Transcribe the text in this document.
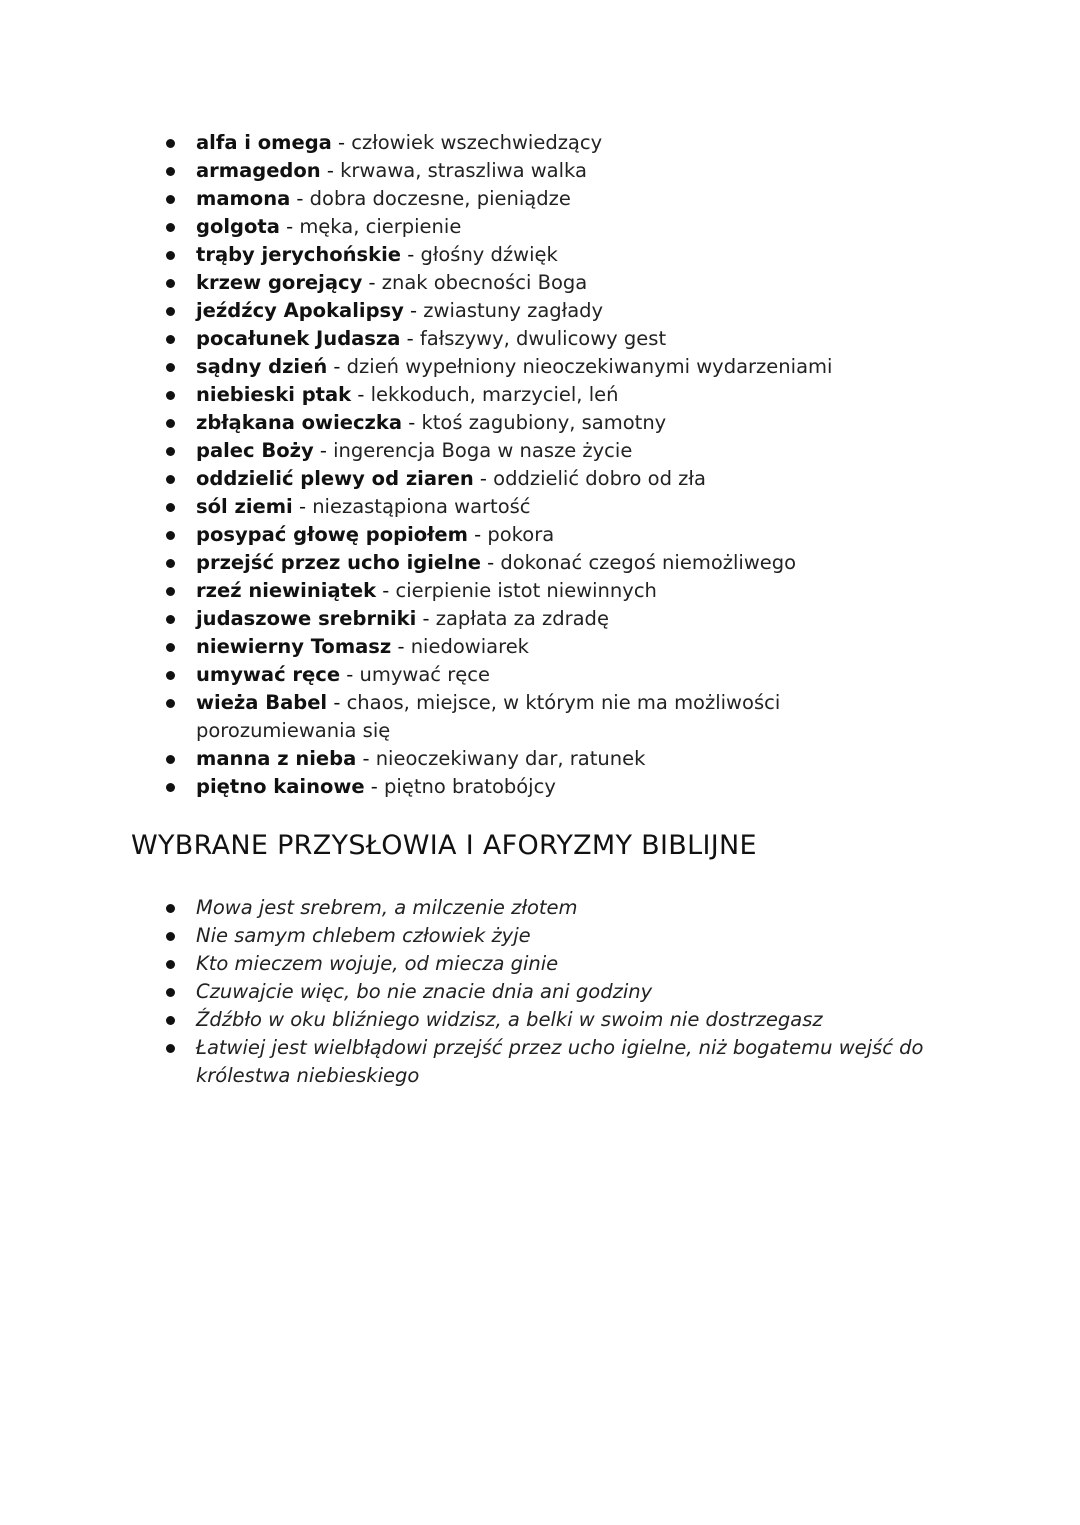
alfa i omega - człowiek wszechwiedzący
armagedon - krwawa, straszliwa walka
mamona - dobra doczesne, pieniądze
golgota - męka, cierpienie
trąby jerychońskie - głośny dźwięk
krzew gorejący - znak obecności Boga
jeźdźcy Apokalipsy - zwiastuny zagłady
pocałunek Judasza - fałszywy, dwulicowy gest
sądny dzień - dzień wypełniony nieoczekiwanymi wydarzeniami
niebieski ptak - lekkoduch, marzyciel, leń
zbłąkana owieczka - ktoś zagubiony, samotny
palec Boży - ingerencja Boga w nasze życie
oddzielić plewy od ziaren - oddzielić dobro od zła
sól ziemi - niezastąpiona wartość
posypać głowę popiołem - pokora
przejść przez ucho igielne - dokonać czegoś niemożliwego
rzeź niewiniątek - cierpienie istot niewinnych
judaszowe srebrniki - zapłata za zdradę
niewierny Tomasz - niedowiarek
umywać ręce - umywać ręce
wieża Babel - chaos, miejsce, w którym nie ma możliwości porozumiewania się
manna z nieba - nieoczekiwany dar, ratunek
piętno kainowe - piętno bratobójcy
WYBRANE PRZYSŁOWIA I AFORYZMY BIBLIJNE
Mowa jest srebrem, a milczenie złotem
Nie samym chlebem człowiek żyje
Kto mieczem wojuje, od miecza ginie
Czuwajcie więc, bo nie znacie dnia ani godziny
Źdźbło w oku bliźniego widzisz, a belki w swoim nie dostrzegasz
Łatwiej jest wielbłądowi przejść przez ucho igielne, niż bogatemu wejść do królestwa niebieskiego
